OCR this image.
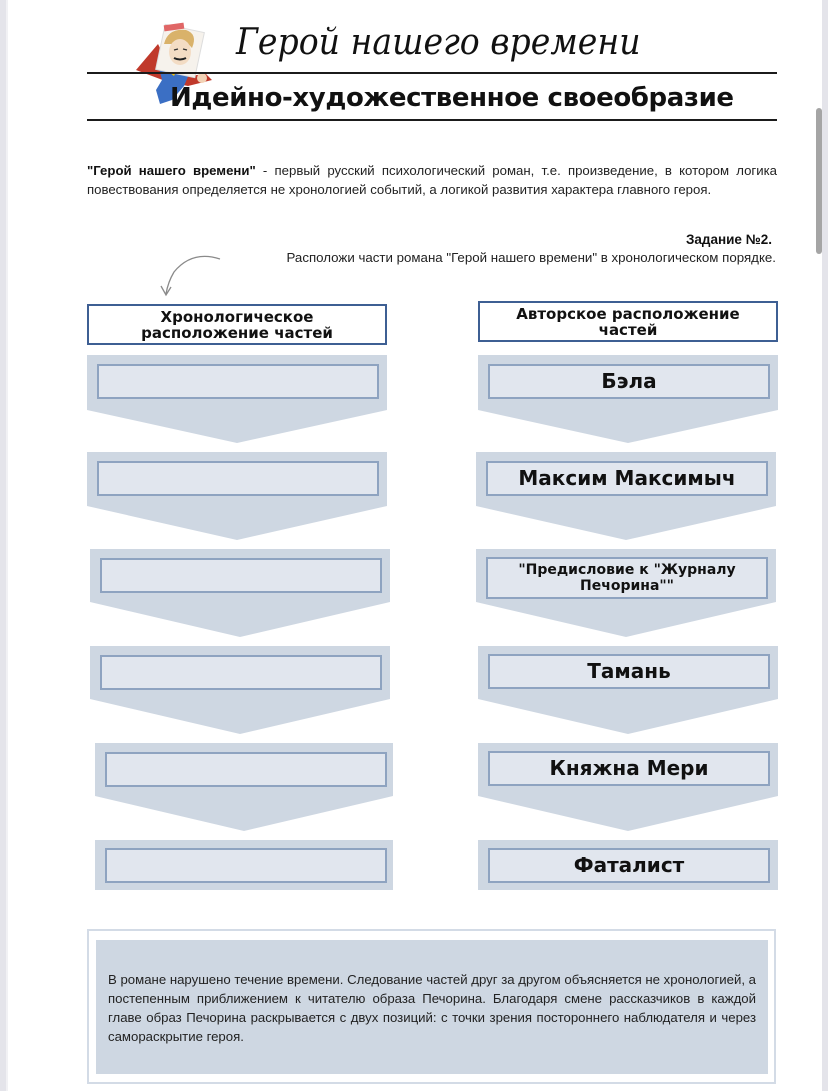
Герой нашего времени
Идейно-художественное своеобразие
"Герой нашего времени" - первый русский психологический роман, т.е. произведение, в котором логика повествования определяется не хронологией событий, а логикой развития характера главного героя.
Задание №2.
Расположи части романа "Герой нашего времени" в хронологическом порядке.
Хронологическое расположение частей
Авторское расположение частей
Бэла
Максим Максимыч
"Предисловие к "Журналу Печорина""
Тамань
Княжна Мери
Фаталист
В романе нарушено течение времени. Следование частей друг за другом объясняется не хронологией, а постепенным приближением к читателю образа Печорина. Благодаря смене рассказчиков в каждой главе образ Печорина раскрывается с двух позиций: с точки зрения постороннего наблюдателя и через самораскрытие героя.
